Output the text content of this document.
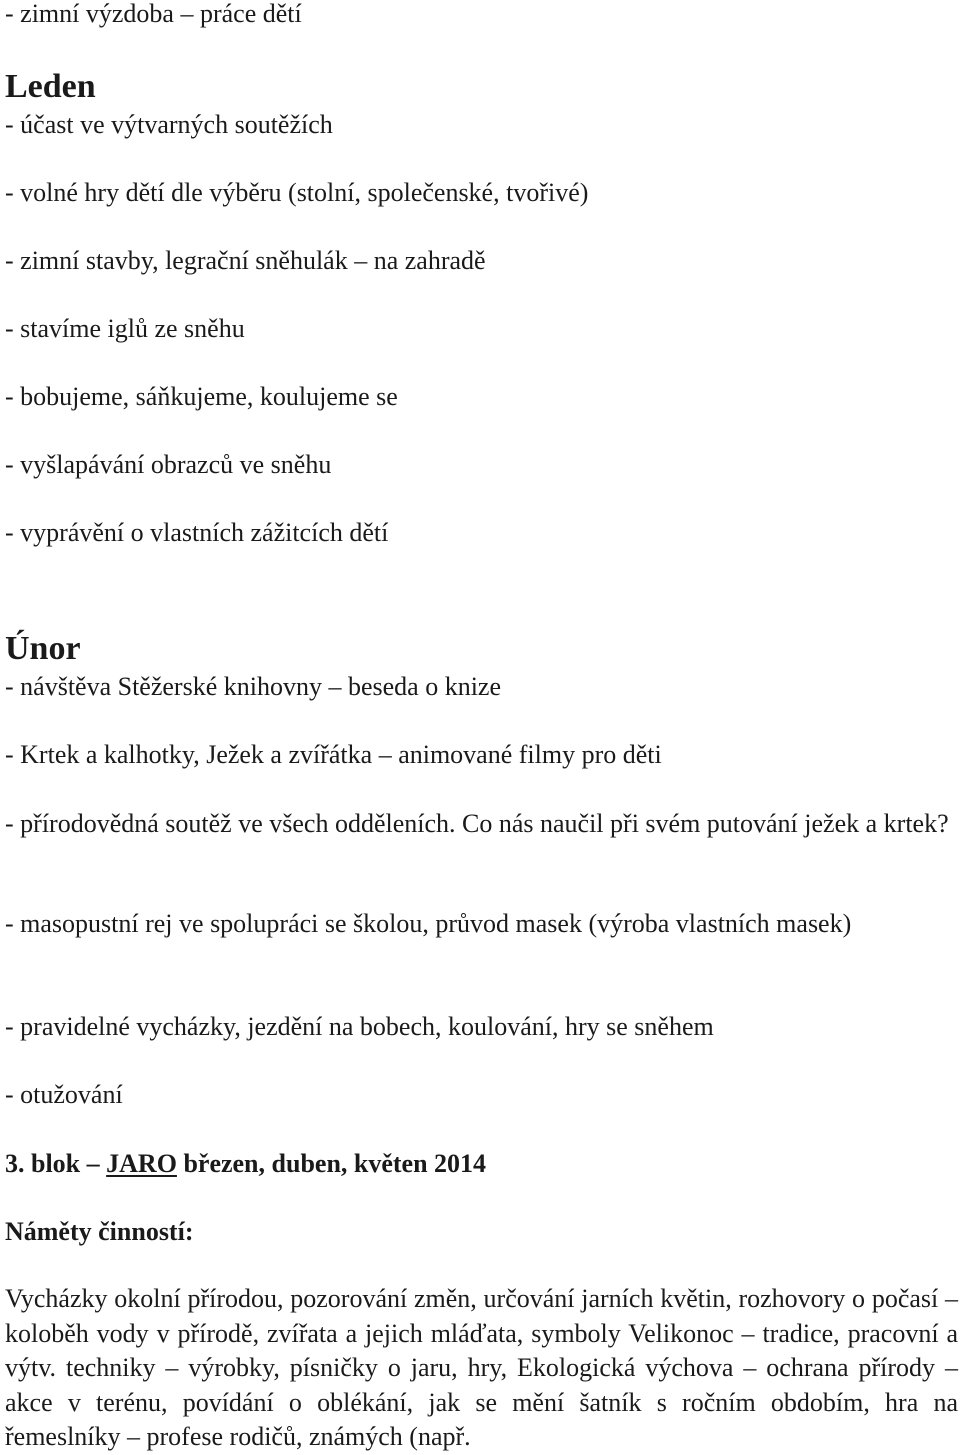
- zimní výzdoba – práce dětí

Leden

- účast ve výtvarných soutěžích

- volné hry dětí dle výběru (stolní, společenské, tvořivé)

- zimní stavby, legrační sněhulák – na zahradě

- stavíme iglů ze sněhu

- bobujeme, sáňkujeme, koulujeme se

- vyšlapávání obrazců ve sněhu

- vyprávění o vlastních zážitcích dětí

Únor

- návštěva Stěžerské knihovny – beseda o knize

- Krtek a kalhotky, Ježek a zvířátka – animované filmy pro děti

- přírodovědná soutěž ve všech odděleních. Co nás naučil při svém putování ježek a krtek?

- masopustní rej ve spolupráci se školou, průvod masek (výroba vlastních masek)

- pravidelné vycházky, jezdění na bobech, koulování, hry se sněhem

- otužování

3. blok – JARO březen, duben, květen 2014

Náměty činností:

Vycházky okolní přírodou, pozorování změn, určování jarních květin, rozhovory o počasí – koloběh vody v přírodě, zvířata a jejich mláďata, symboly Velikonoc – tradice, pracovní a výtv. techniky – výrobky, písničky o jaru, hry, Ekologická výchova – ochrana přírody – akce v terénu, povídání o oblékání, jak se mění šatník s ročním obdobím, hra na řemeslníky – profese rodičů, známých (např.
